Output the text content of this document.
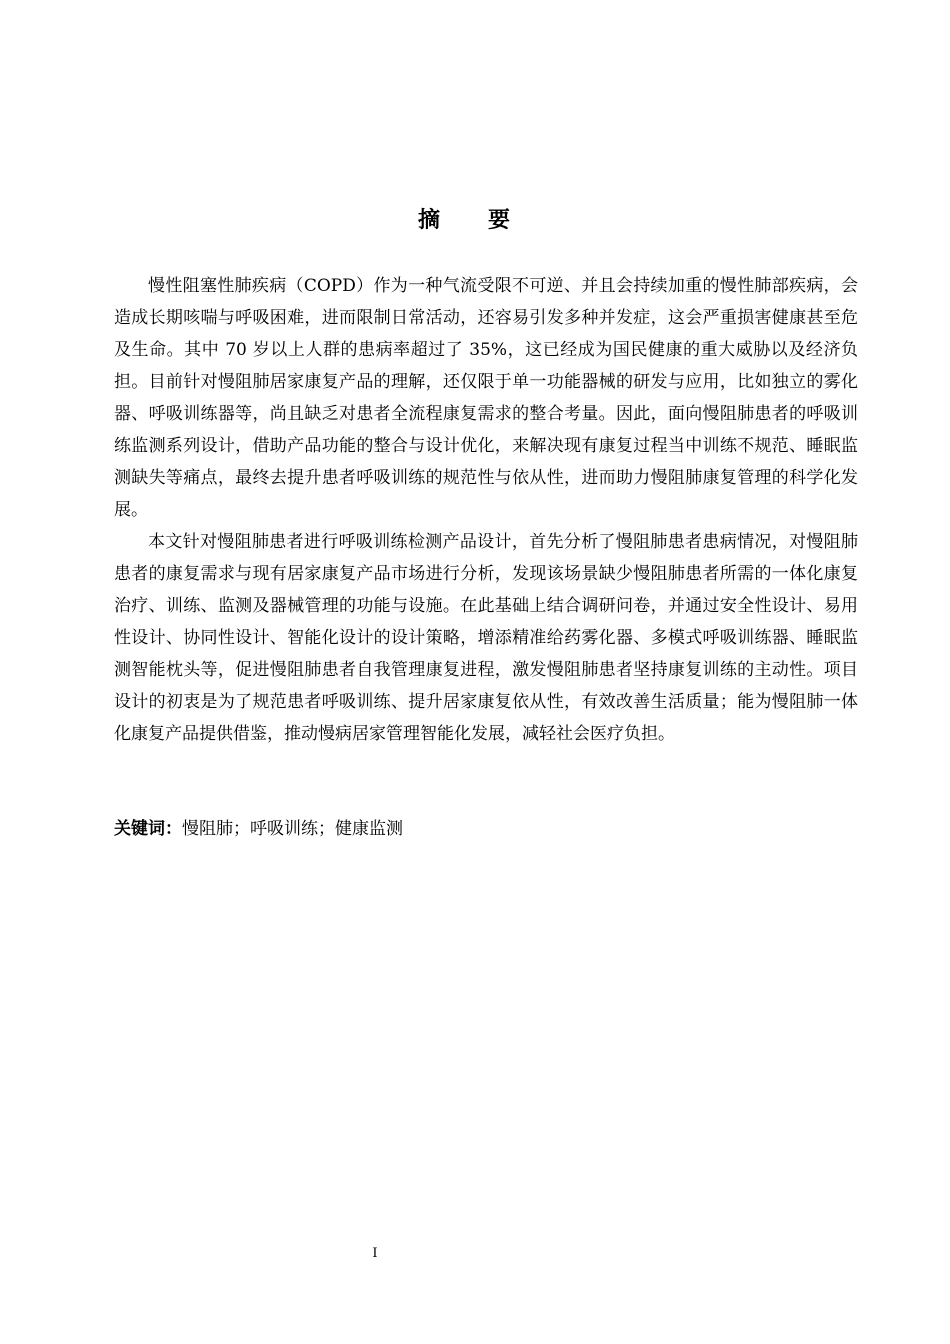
摘要

慢性阻塞性肺疾病（COPD）作为一种气流受限不可逆、并且会持续加重的慢性肺部疾病，会造成长期咳喘与呼吸困难，进而限制日常活动，还容易引发多种并发症，这会严重损害健康甚至危及生命。其中 70 岁以上人群的患病率超过了 35%，这已经成为国民健康的重大威胁以及经济负担。目前针对慢阻肺居家康复产品的理解，还仅限于单一功能器械的研发与应用，比如独立的雾化器、呼吸训练器等，尚且缺乏对患者全流程康复需求的整合考量。因此，面向慢阻肺患者的呼吸训练监测系列设计，借助产品功能的整合与设计优化，来解决现有康复过程当中训练不规范、睡眠监测缺失等痛点，最终去提升患者呼吸训练的规范性与依从性，进而助力慢阻肺康复管理的科学化发展。

本文针对慢阻肺患者进行呼吸训练检测产品设计，首先分析了慢阻肺患者患病情况，对慢阻肺患者的康复需求与现有居家康复产品市场进行分析，发现该场景缺少慢阻肺患者所需的一体化康复治疗、训练、监测及器械管理的功能与设施。在此基础上结合调研问卷，并通过安全性设计、易用性设计、协同性设计、智能化设计的设计策略，增添精准给药雾化器、多模式呼吸训练器、睡眠监测智能枕头等，促进慢阻肺患者自我管理康复进程，激发慢阻肺患者坚持康复训练的主动性。项目设计的初衷是为了规范患者呼吸训练、提升居家康复依从性，有效改善生活质量；能为慢阻肺一体化康复产品提供借鉴，推动慢病居家管理智能化发展，减轻社会医疗负担。

关键词：慢阻肺；呼吸训练；健康监测
I
